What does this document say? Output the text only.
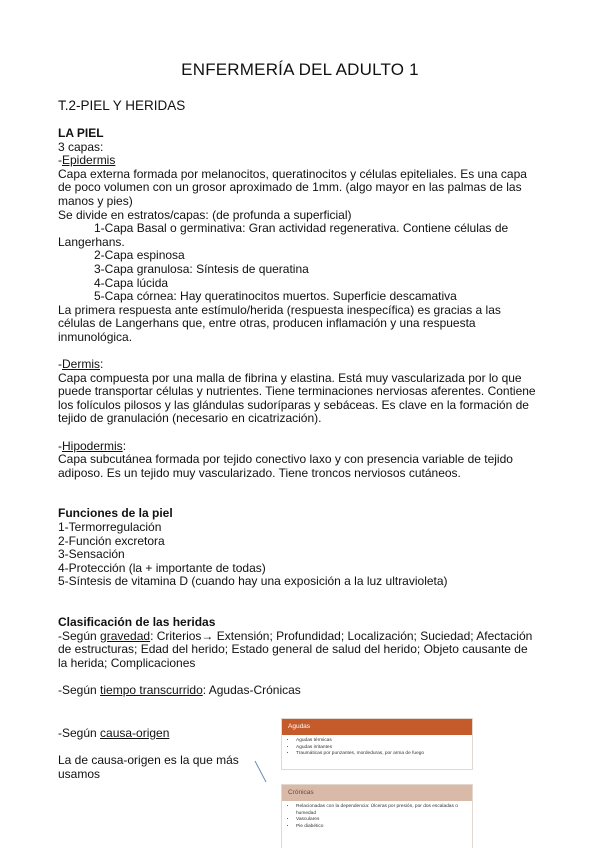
ENFERMERÍA DEL ADULTO 1
T.2-PIEL Y HERIDAS

LA PIEL

3 capas:

-Epidermis

Capa externa formada por melanocitos, queratinocitos y células epiteliales. Es una capa

de poco volumen con un grosor aproximado de 1mm. (algo mayor en las palmas de las

manos y pies)

Se divide en estratos/capas: (de profunda a superficial)

1-Capa Basal o germinativa: Gran actividad regenerativa. Contiene células de

Langerhans.

2-Capa espinosa

3-Capa granulosa: Síntesis de queratina

4-Capa lúcida

5-Capa córnea: Hay queratinocitos muertos. Superficie descamativa

La primera respuesta ante estímulo/herida (respuesta inespecífica) es gracias a las

células de Langerhans que, entre otras, producen inflamación y una respuesta

inmunológica.

-Dermis:

Capa compuesta por una malla de fibrina y elastina. Está muy vascularizada por lo que

puede transportar células y nutrientes. Tiene terminaciones nerviosas aferentes. Contiene

los folículos pilosos y las glándulas sudoríparas y sebáceas. Es clave en la formación de

tejido de granulación (necesario en cicatrización).

-Hipodermis:

Capa subcutánea formada por tejido conectivo laxo y con presencia variable de tejido

adiposo. Es un tejido muy vascularizado. Tiene troncos nerviosos cutáneos.

Funciones de la piel

1-Termorregulación

2-Función excretora

3-Sensación

4-Protección (la + importante de todas)

5-Síntesis de vitamina D (cuando hay una exposición a la luz ultravioleta)

Clasificación de las heridas

-Según gravedad: Criterios→ Extensión; Profundidad; Localización; Suciedad; Afectación

de estructuras; Edad del herido; Estado general de salud del herido; Objeto causante de

la herida; Complicaciones

-Según tiempo transcurrido: Agudas-Crónicas

-Según causa-origen

La de causa-origen es la que más

usamos

Agudas
• Agudas térmicas
• Agudas irritantes
• Traumáticas por punzantes, mordeduras, por arma de fuego
Crónicas
• Relacionadas con la dependencia: Úlceras por presión, por dos escaladas o humedad
• Vasculares
• Pie diabético
